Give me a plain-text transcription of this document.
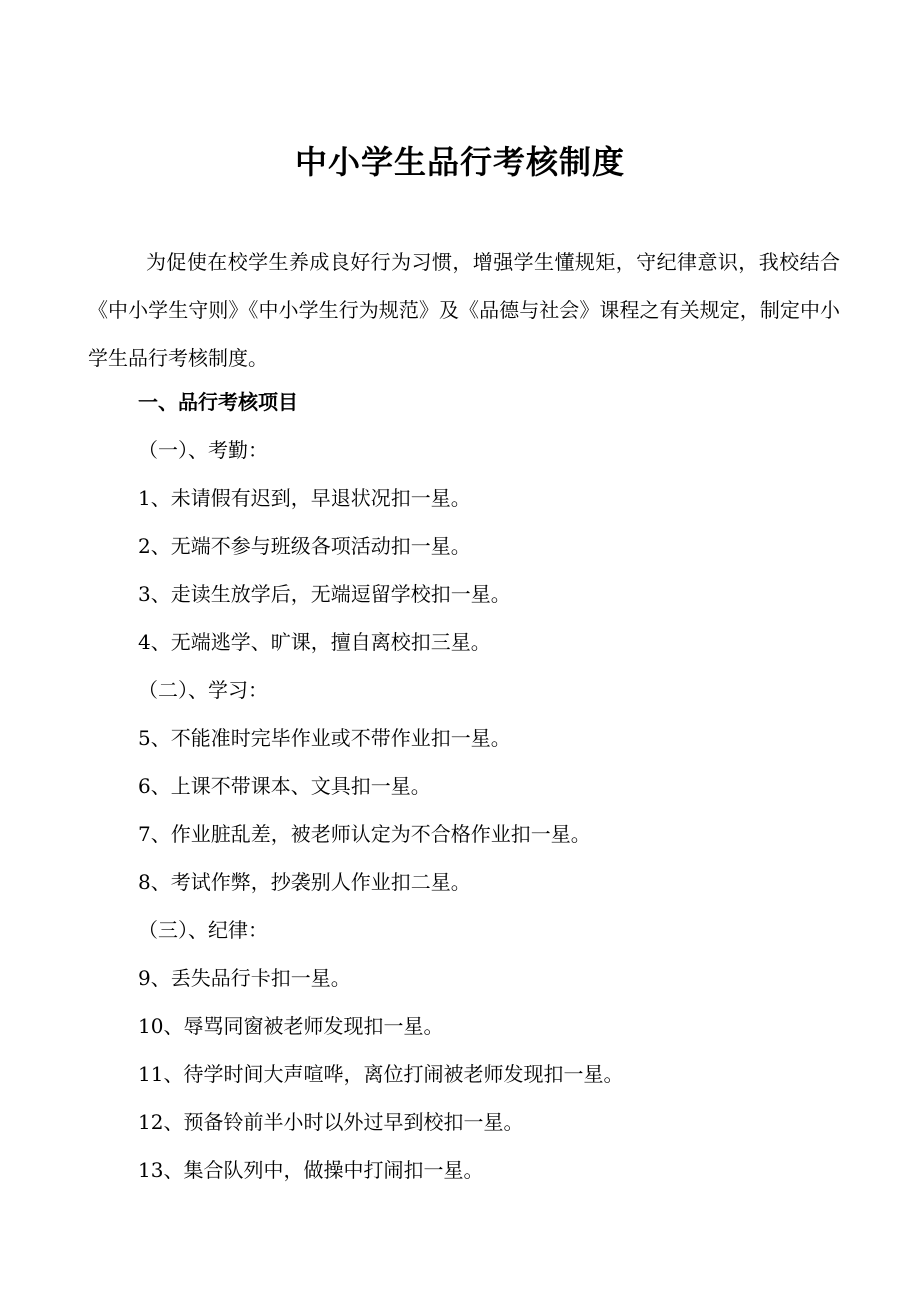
中小学生品行考核制度

为促使在校学生养成良好行为习惯，增强学生懂规矩，守纪律意识，我校结合《中小学生守则》《中小学生行为规范》及《品德与社会》课程之有关规定，制定中小学生品行考核制度。

一、品行考核项目
（一）、考勤：
1、未请假有迟到，早退状况扣一星。
2、无端不参与班级各项活动扣一星。
3、走读生放学后，无端逗留学校扣一星。
4、无端逃学、旷课，擅自离校扣三星。
（二）、学习：
5、不能准时完毕作业或不带作业扣一星。
6、上课不带课本、文具扣一星。
7、作业脏乱差，被老师认定为不合格作业扣一星。
8、考试作弊，抄袭别人作业扣二星。
（三）、纪律：
9、丢失品行卡扣一星。
10、辱骂同窗被老师发现扣一星。
11、待学时间大声喧哗，离位打闹被老师发现扣一星。
12、预备铃前半小时以外过早到校扣一星。
13、集合队列中，做操中打闹扣一星。
